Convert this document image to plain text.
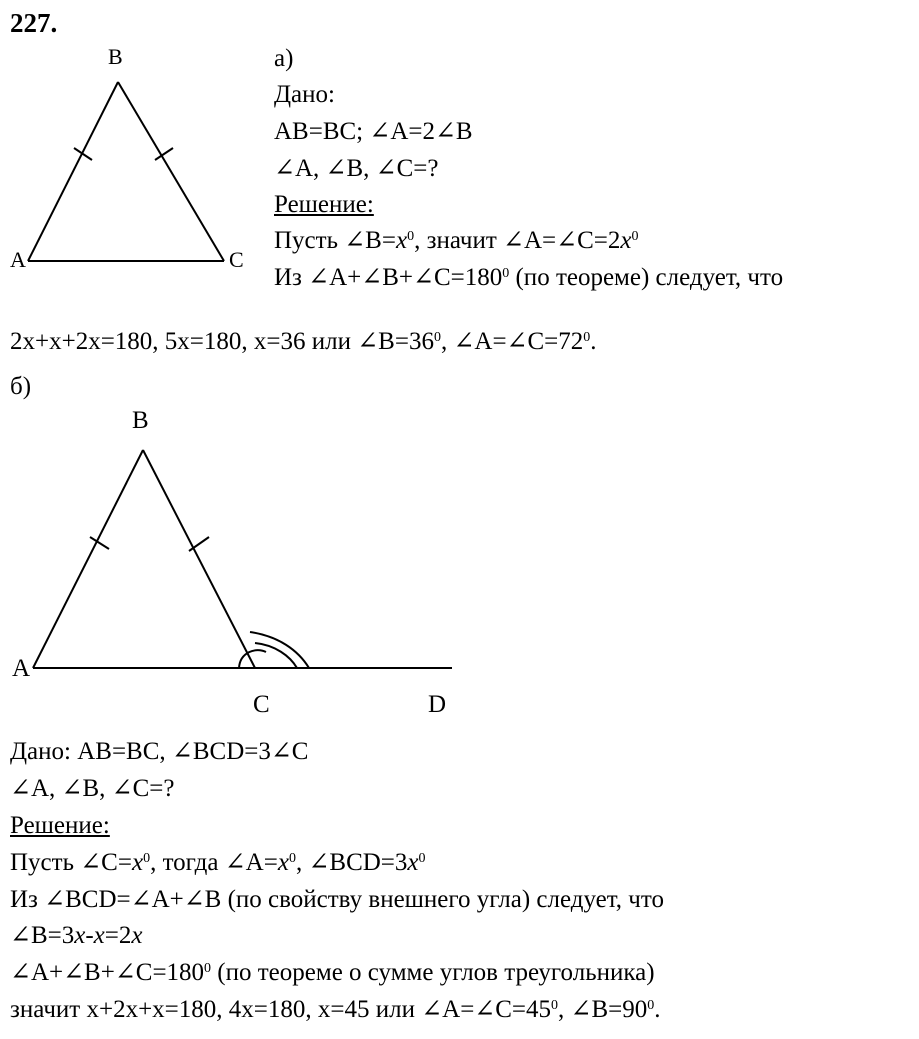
227.
B
A	C
а)
Дано:
AB=BC; ∠A=2∠B
∠A, ∠B, ∠C=?
Решение:
Пусть $\angle B=x^0$, значит $\angle A=\angle C=2x^0$
Из $\angle A+\angle B+\angle C=180^0$ (по теореме) следует, что
2x+x+2x=180, 5x=180, x=36 или $\angle B=36^0$, $\angle A=\angle C=72^0$.
б)
B
A
C	D
Дано: AB=BC, ∠BCD=3∠C
∠A, ∠B, ∠C=?
Решение:
Пусть $\angle C=x^0$, тогда $\angle A=x^0$, $\angle BCD=3x^0$
Из ∠BCD=∠A+∠B (по свойству внешнего угла) следует, что
∠B=3x-x=2x
$\angle A+\angle B+\angle C=180^0$ (по теореме о сумме углов треугольника)
значит x+2x+x=180, 4x=180, x=45 или $\angle A=\angle C=45^0$, $\angle B=90^0$.
